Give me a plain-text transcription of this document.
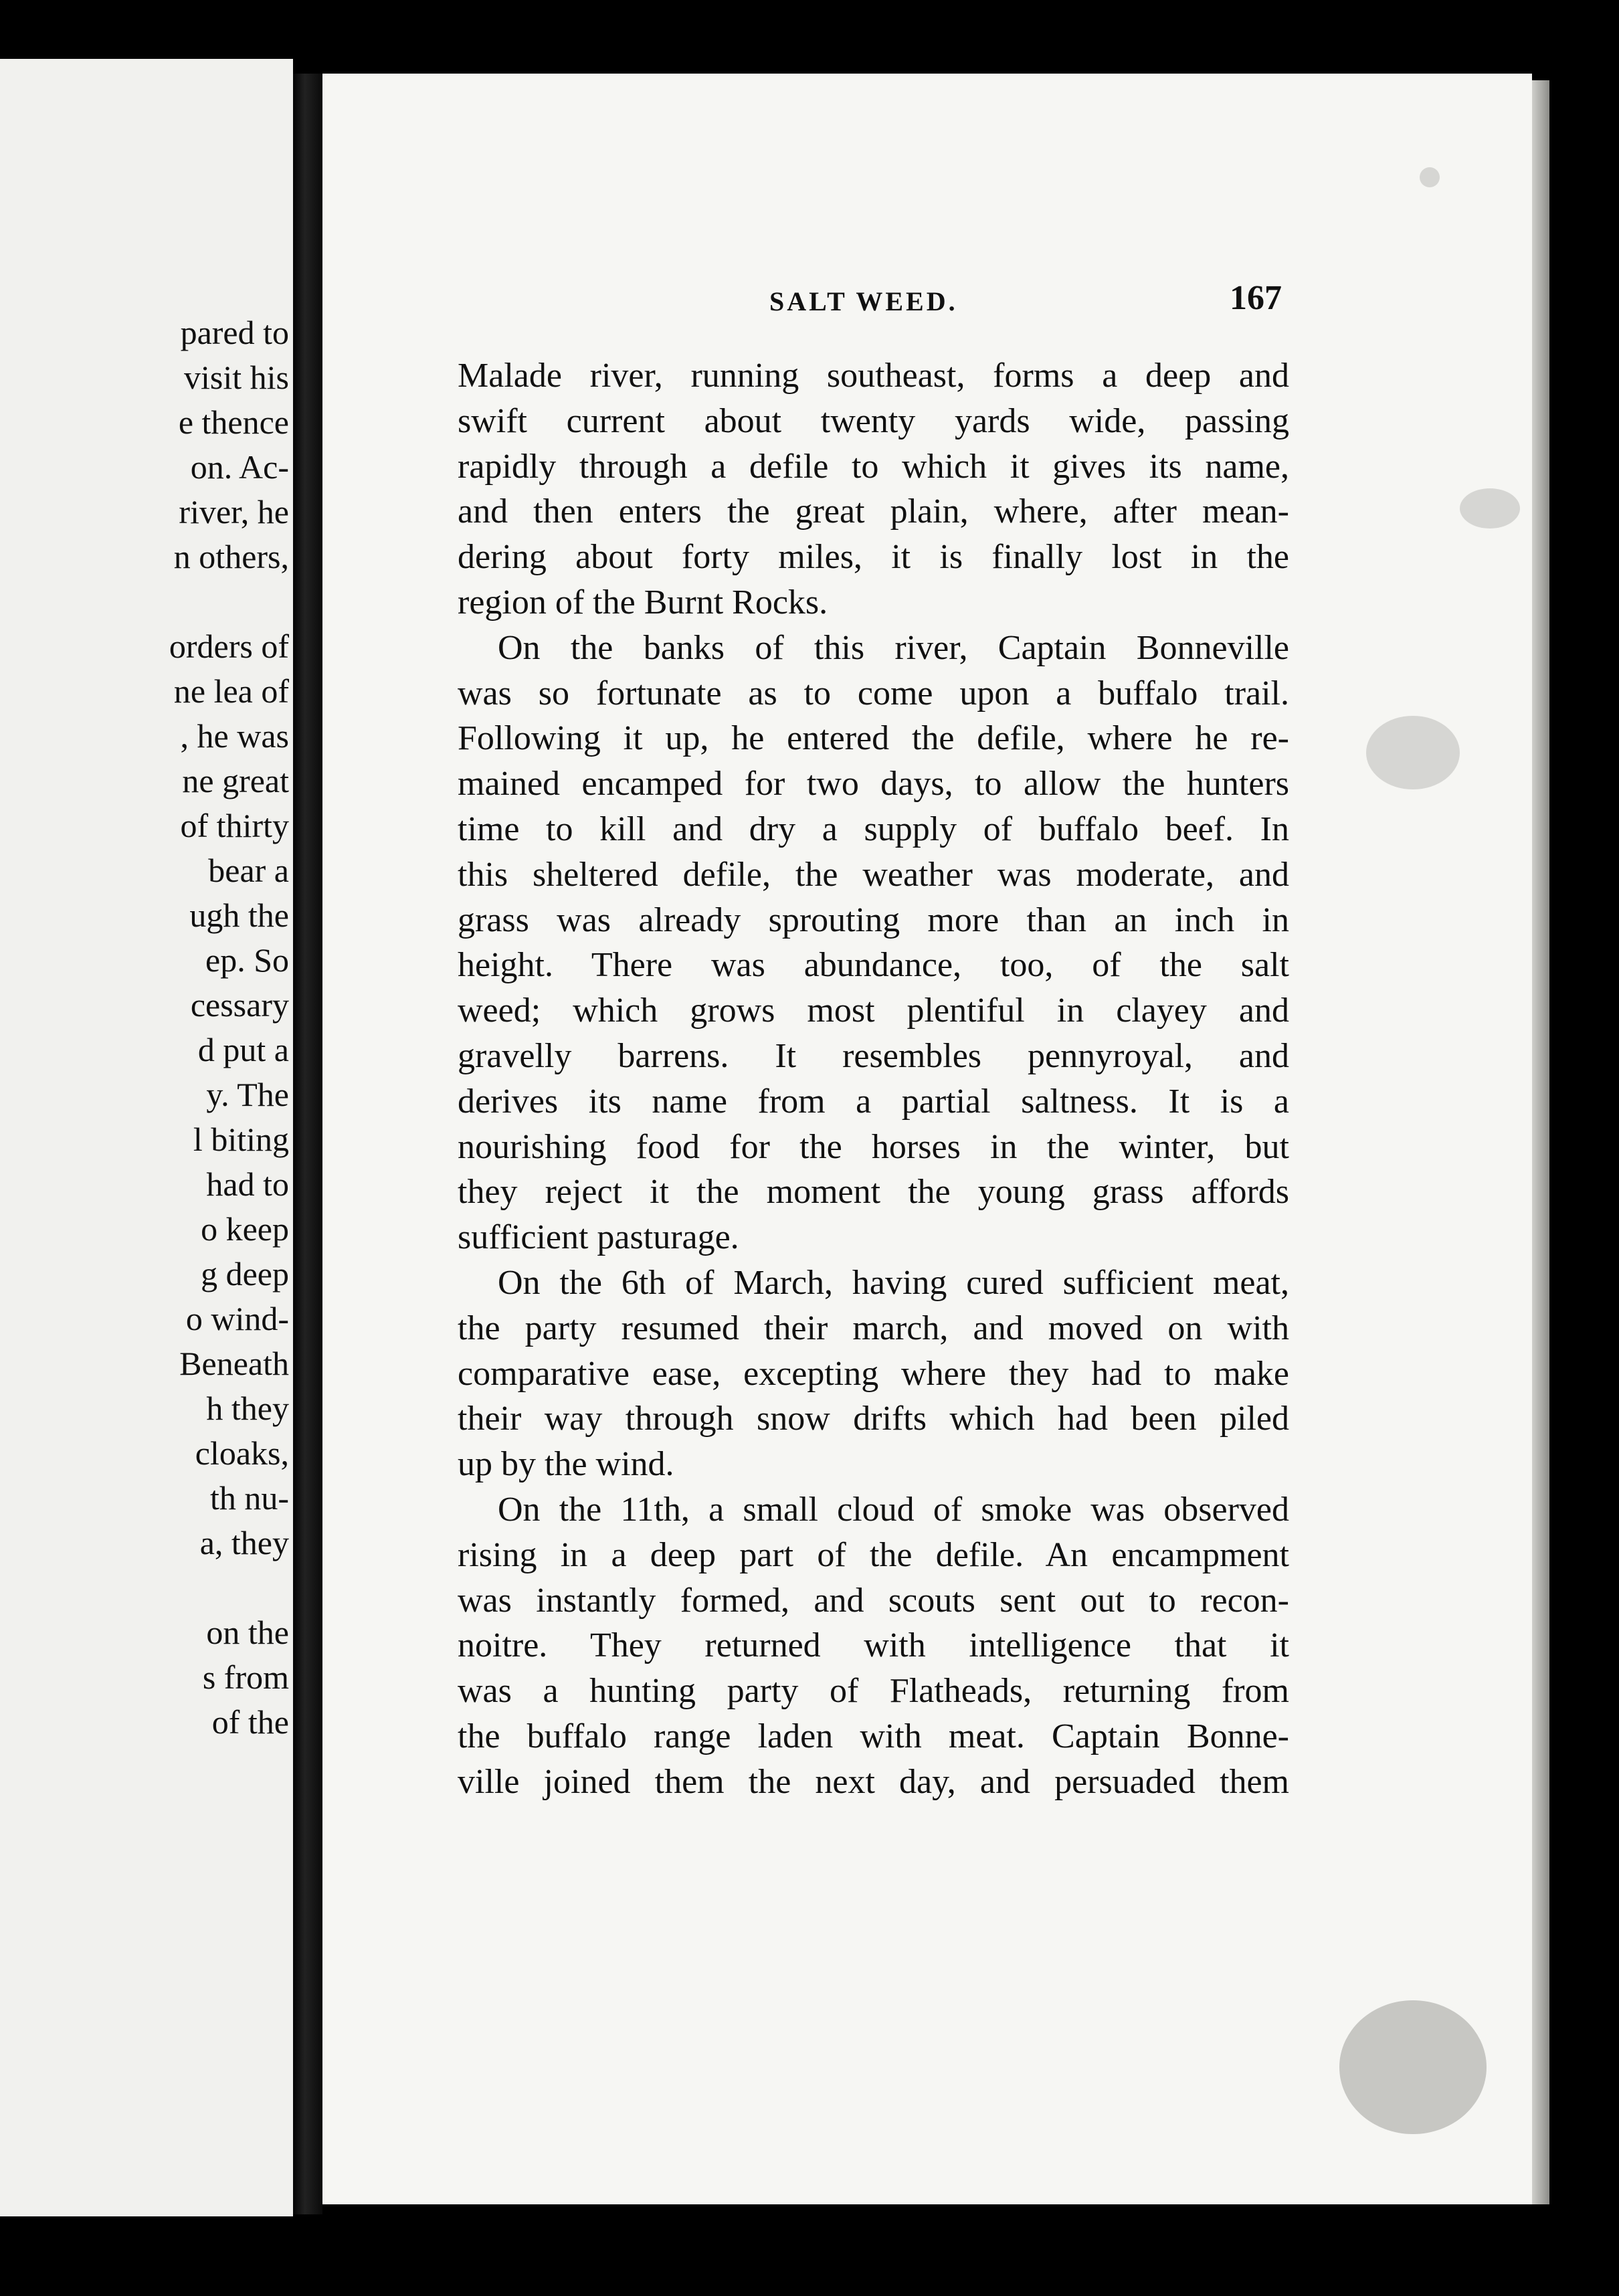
pared to
visit his
e thence
on. Ac-
river, he
n others,
orders of
ne lea of
, he was
ne great
of thirty
bear a
ugh the
ep. So
cessary
d put a
y. The
l biting
had to
o keep
g deep
o wind-
Beneath
h they
cloaks,
th nu-
a, they
on the
s from
of the
SALT WEED.	167
Malade river, running southeast, forms a deep and
swift current about twenty yards wide, passing
rapidly through a defile to which it gives its name,
and then enters the great plain, where, after mean-
dering about forty miles, it is finally lost in the
region of the Burnt Rocks.
On the banks of this river, Captain Bonneville
was so fortunate as to come upon a buffalo trail.
Following it up, he entered the defile, where he re-
mained encamped for two days, to allow the hunters
time to kill and dry a supply of buffalo beef. In
this sheltered defile, the weather was moderate, and
grass was already sprouting more than an inch in
height. There was abundance, too, of the salt
weed; which grows most plentiful in clayey and
gravelly barrens. It resembles pennyroyal, and
derives its name from a partial saltness. It is a
nourishing food for the horses in the winter, but
they reject it the moment the young grass affords
sufficient pasturage.
On the 6th of March, having cured sufficient meat,
the party resumed their march, and moved on with
comparative ease, excepting where they had to make
their way through snow drifts which had been piled
up by the wind.
On the 11th, a small cloud of smoke was observed
rising in a deep part of the defile. An encampment
was instantly formed, and scouts sent out to recon-
noitre. They returned with intelligence that it
was a hunting party of Flatheads, returning from
the buffalo range laden with meat. Captain Bonne-
ville joined them the next day, and persuaded them
